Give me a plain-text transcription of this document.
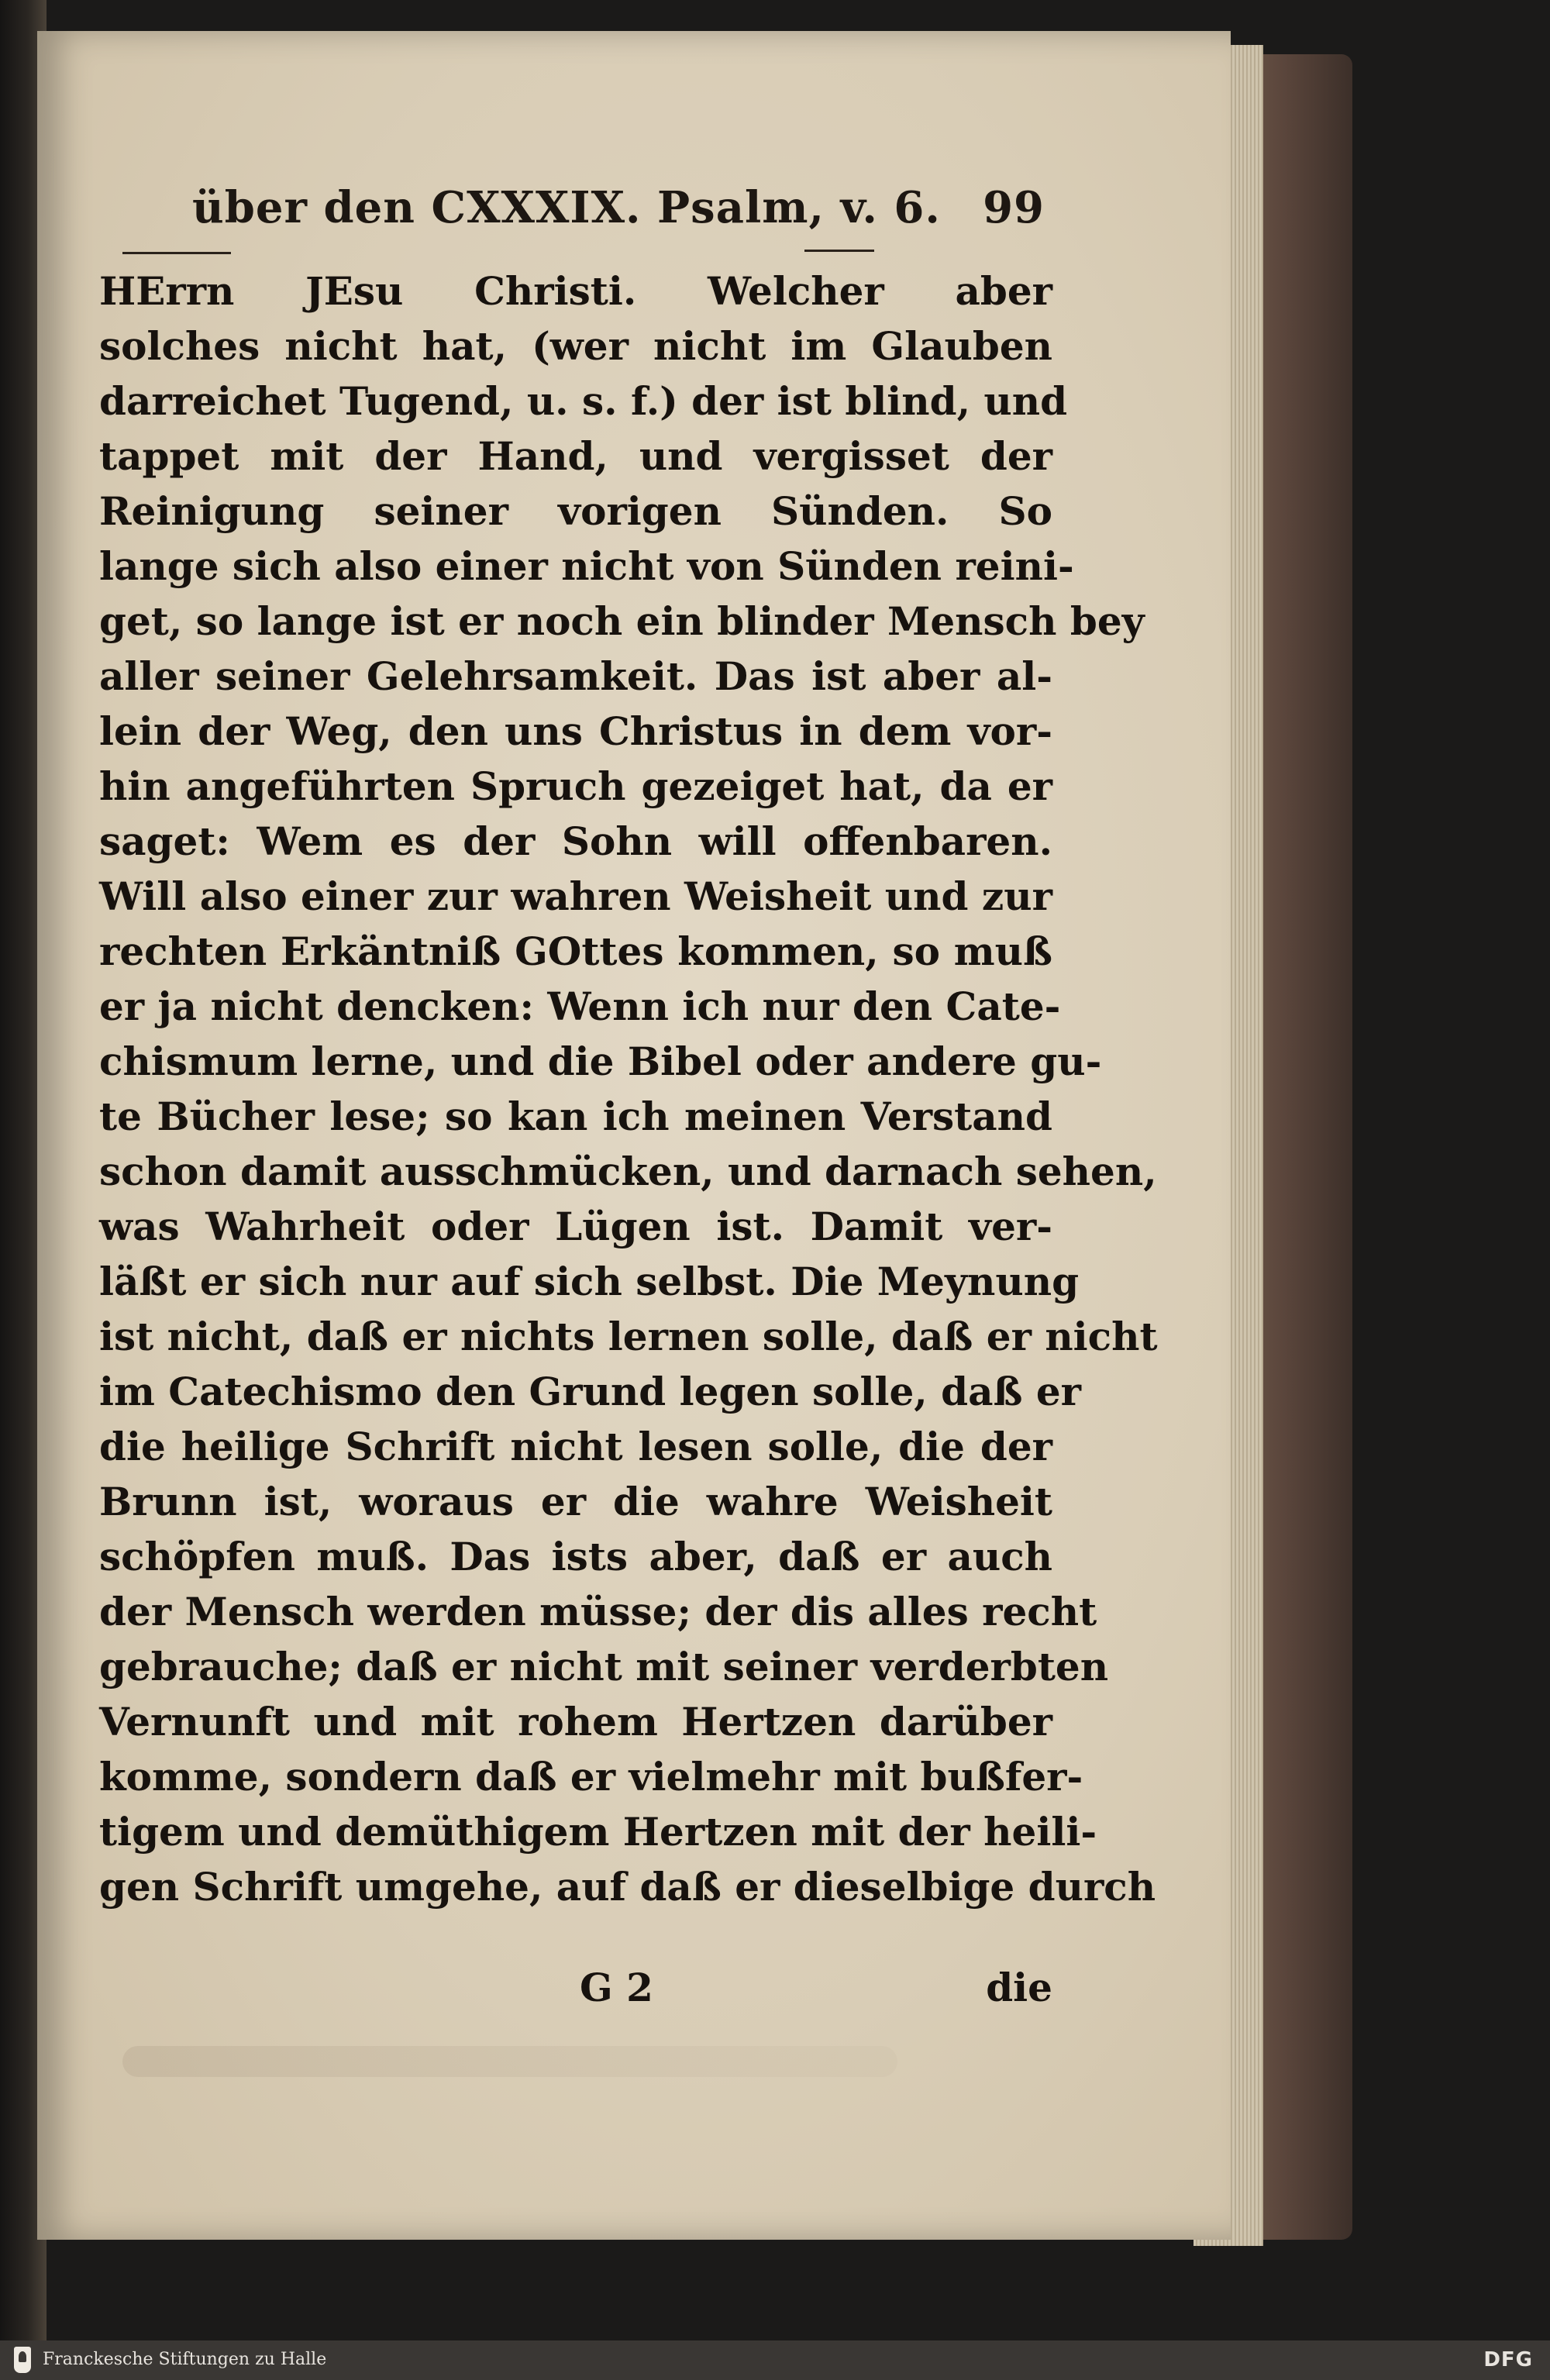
über den CXXXIX. Psalm, v. 6. 99
HErrn JEsu Christi. Welcher aber
solches nicht hat, (wer nicht im Glauben
darreichet Tugend, u. s. f.) der ist blind, und
tappet mit der Hand, und vergisset der
Reinigung seiner vorigen Sünden. So
lange sich also einer nicht von Sünden reini-
get, so lange ist er noch ein blinder Mensch bey
aller seiner Gelehrsamkeit. Das ist aber al-
lein der Weg, den uns Christus in dem vor-
hin angeführten Spruch gezeiget hat, da er
saget: Wem es der Sohn will offenbaren.
Will also einer zur wahren Weisheit und zur
rechten Erkäntniß GOttes kommen, so muß
er ja nicht dencken: Wenn ich nur den Cate-
chismum lerne, und die Bibel oder andere gu-
te Bücher lese; so kan ich meinen Verstand
schon damit ausschmücken, und darnach sehen,
was Wahrheit oder Lügen ist. Damit ver-
läßt er sich nur auf sich selbst. Die Meynung
ist nicht, daß er nichts lernen solle, daß er nicht
im Catechismo den Grund legen solle, daß er
die heilige Schrift nicht lesen solle, die der
Brunn ist, woraus er die wahre Weisheit
schöpfen muß. Das ists aber, daß er auch
der Mensch werden müsse; der dis alles recht
gebrauche; daß er nicht mit seiner verderbten
Vernunft und mit rohem Hertzen darüber
komme, sondern daß er vielmehr mit bußfer-
tigem und demüthigem Hertzen mit der heili-
gen Schrift umgehe, auf daß er dieselbige durch
G 2	die
Franckesche Stiftungen zu Halle	DFG
